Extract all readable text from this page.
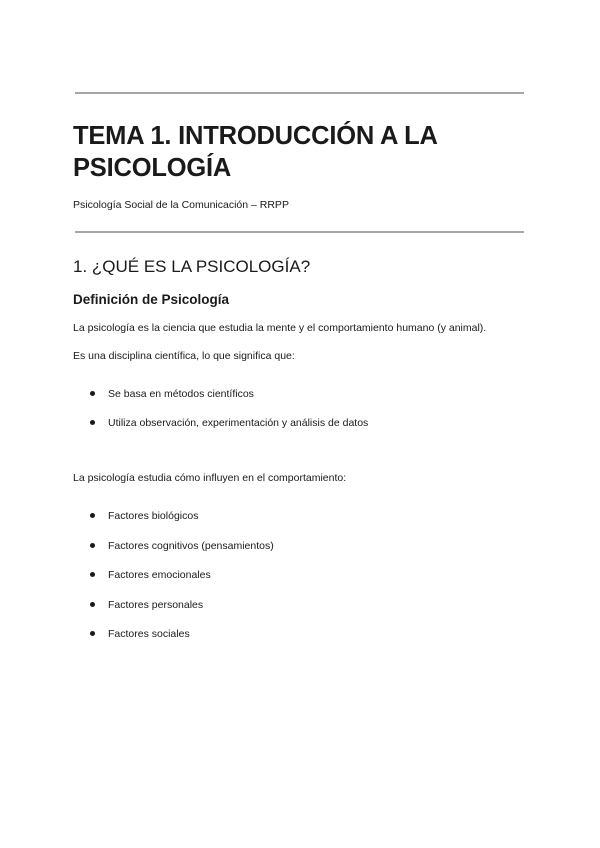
TEMA 1. INTRODUCCIÓN A LA
PSICOLOGÍA

Psicología Social de la Comunicación – RRPP

1. ¿QUÉ ES LA PSICOLOGÍA?
Definición de Psicología

La psicología es la ciencia que estudia la mente y el comportamiento humano (y animal).

Es una disciplina científica, lo que significa que:

Se basa en métodos científicos
Utiliza observación, experimentación y análisis de datos

La psicología estudia cómo influyen en el comportamiento:

Factores biológicos
Factores cognitivos (pensamientos)
Factores emocionales
Factores personales
Factores sociales
